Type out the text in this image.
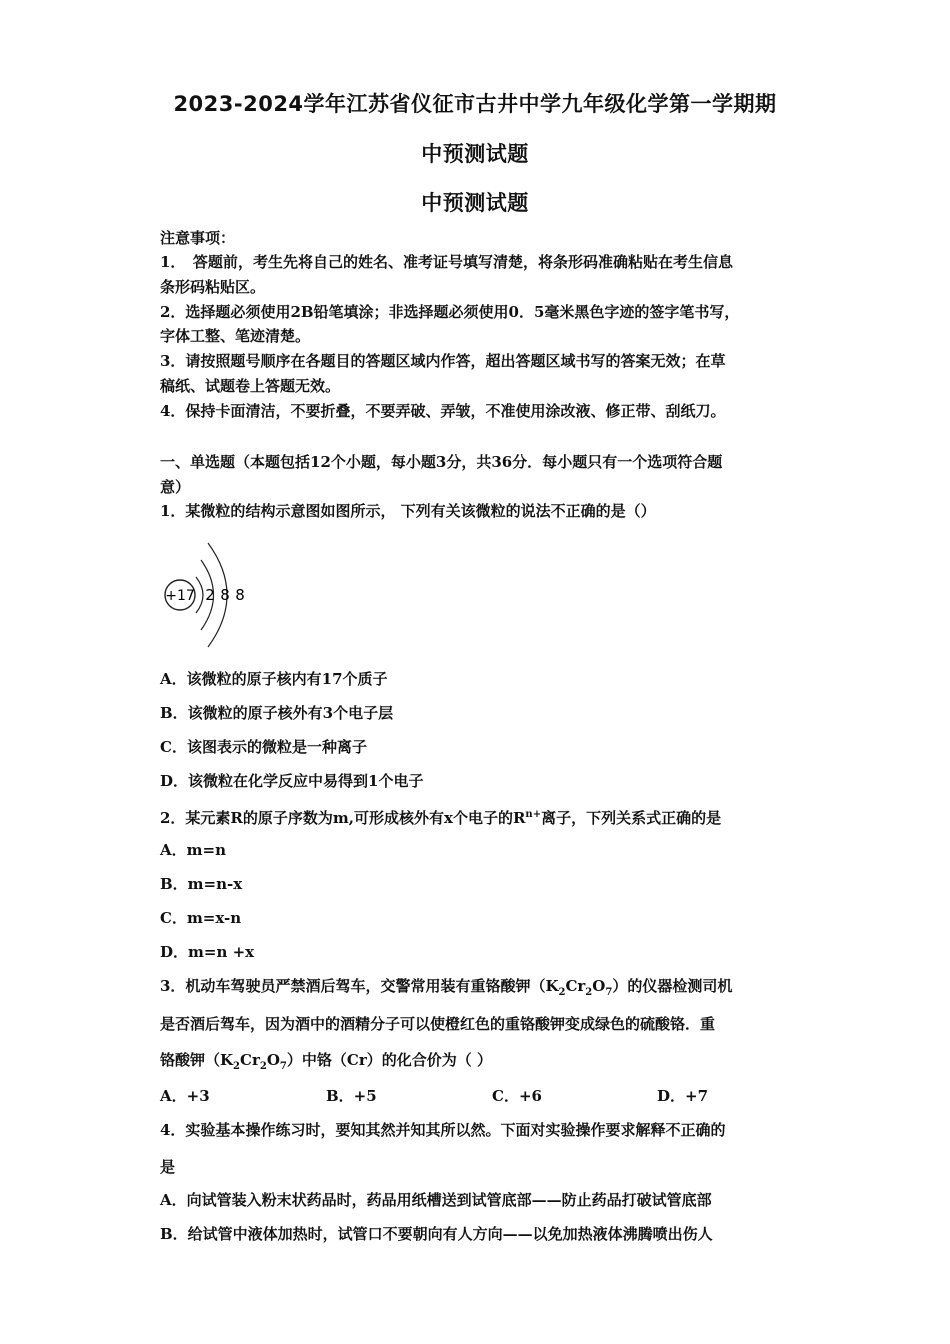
2023-2024学年江苏省仪征市古井中学九年级化学第一学期期
中预测试题
中预测试题
注意事项：
1．　答题前，考生先将自己的姓名、准考证号填写清楚，将条形码准确粘贴在考生信息
条形码粘贴区。
2．选择题必须使用2B铅笔填涂；非选择题必须使用0．5毫米黑色字迹的签字笔书写，
字体工整、笔迹清楚。
3．请按照题号顺序在各题目的答题区域内作答，超出答题区域书写的答案无效；在草
稿纸、试题卷上答题无效。
4．保持卡面清洁，不要折叠，不要弄破、弄皱，不准使用涂改液、修正带、刮纸刀。
一、单选题（本题包括12个小题，每小题3分，共36分．每小题只有一个选项符合题
意）
1．某微粒的结构示意图如图所示， 下列有关该微粒的说法不正确的是（）
+17 2 8 8
A．该微粒的原子核内有17个质子
B．该微粒的原子核外有3个电子层
C．该图表示的微粒是一种离子
D．该微粒在化学反应中易得到1个电子
2．某元素R的原子序数为m,可形成核外有x个电子的$R^{n+}$离子，下列关系式正确的是
A．m=n
B．m=n-x
C．m=x-n
D．m=n +x
3．机动车驾驶员严禁酒后驾车，交警常用装有重铬酸钾$(K_2Cr_2O_7)$的仪器检测司机
是否酒后驾车，因为酒中的酒精分子可以使橙红色的重铬酸钾变成绿色的硫酸铬．重
铬酸钾$(K_2Cr_2O_7)$中铬（Cr）的化合价为（ ）
A．+3	B．+5	C．+6	D．+7
4．实验基本操作练习时，要知其然并知其所以然。下面对实验操作要求解释不正确的
是
A．向试管装入粉末状药品时，药品用纸槽送到试管底部——防止药品打破试管底部
B．给试管中液体加热时，试管口不要朝向有人方向——以免加热液体沸腾喷出伤人
